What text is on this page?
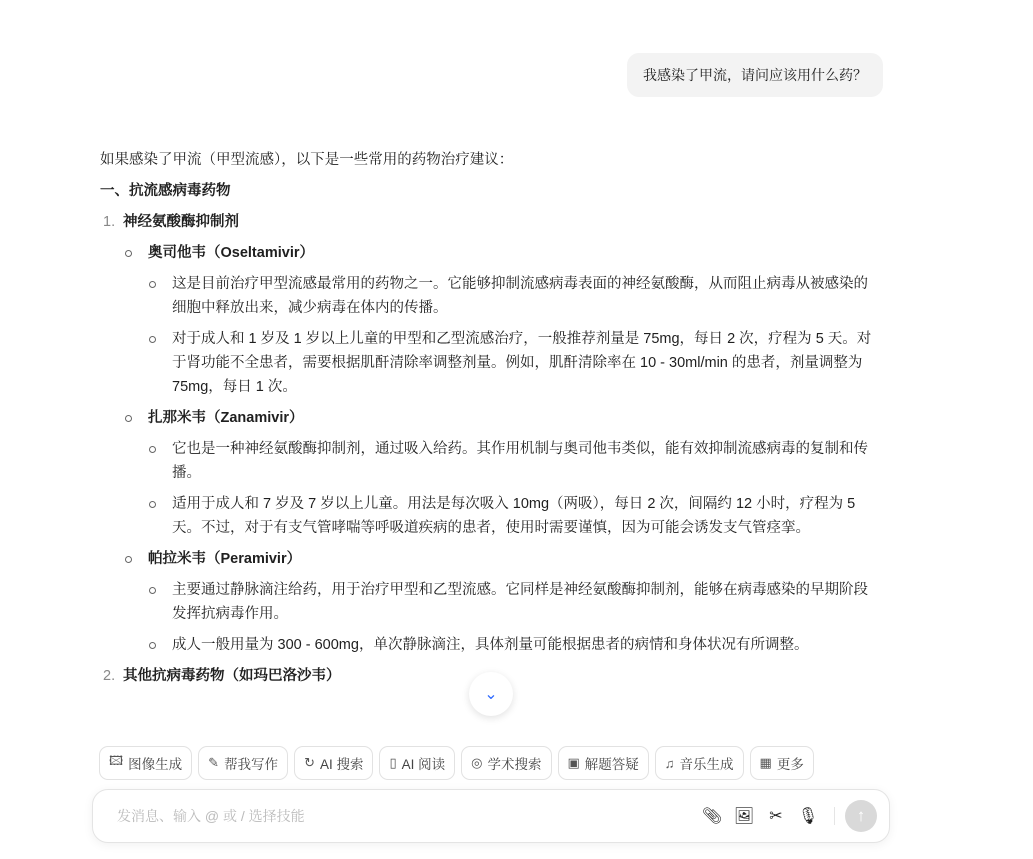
我感染了甲流，请问应该用什么药？

如果感染了甲流（甲型流感），以下是一些常用的药物治疗建议：

一、抗流感病毒药物
1. 神经氨酸酶抑制剂
奥司他韦（Oseltamivir）
这是目前治疗甲型流感最常用的药物之一。它能够抑制流感病毒表面的神经氨酸酶，从而阻止病毒从被感染的细胞中释放出来，减少病毒在体内的传播。
对于成人和 1 岁及 1 岁以上儿童的甲型和乙型流感治疗，一般推荐剂量是 75mg，每日 2 次，疗程为 5 天。对于肾功能不全患者，需要根据肌酐清除率调整剂量。例如，肌酐清除率在 10 - 30ml/min 的患者，剂量调整为 75mg，每日 1 次。
扎那米韦（Zanamivir）
它也是一种神经氨酸酶抑制剂，通过吸入给药。其作用机制与奥司他韦类似，能有效抑制流感病毒的复制和传播。
适用于成人和 7 岁及 7 岁以上儿童。用法是每次吸入 10mg（两吸），每日 2 次，间隔约 12 小时，疗程为 5 天。不过，对于有支气管哮喘等呼吸道疾病的患者，使用时需要谨慎，因为可能会诱发支气管痉挛。
帕拉米韦（Peramivir）
主要通过静脉滴注给药，用于治疗甲型和乙型流感。它同样是神经氨酸酶抑制剂，能够在病毒感染的早期阶段发挥抗病毒作用。
成人一般用量为 300 - 600mg，单次静脉滴注，具体剂量可能根据患者的病情和身体状况有所调整。
2. 其他抗病毒药物（如玛巴洛沙韦）
⌄
🖾 图像生成 ✎ 帮我写作 ↻ AI 搜索 ▯ AI 阅读 ◎ 学术搜索 ▣ 解题答疑 ♫ 音乐生成 ▦ 更多
发消息、输入 @ 或 / 选择技能
📎︎ 🖼︎ ✂ 🎙︎	↑
